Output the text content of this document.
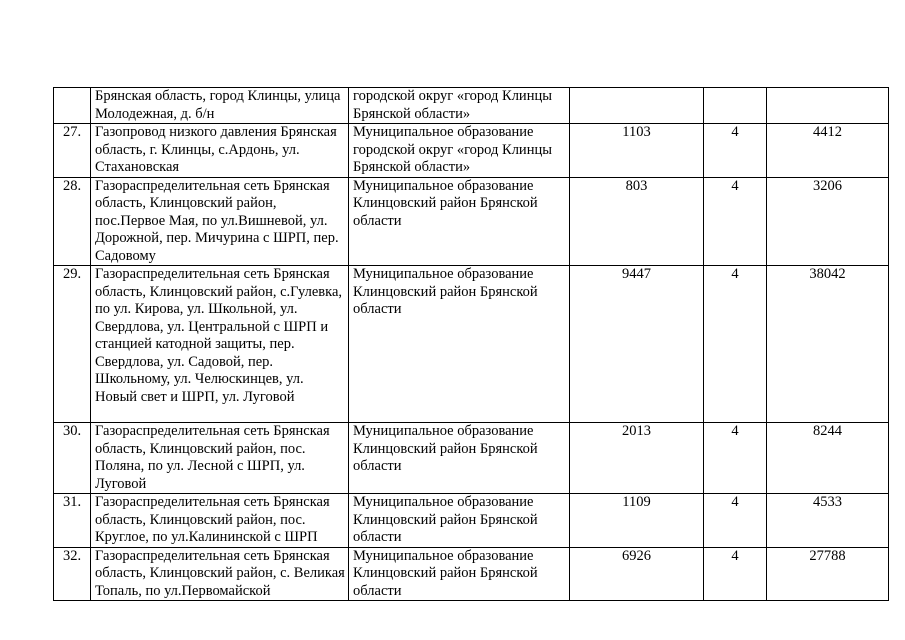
	Брянская область, город Клинцы, улица Молодежная, д. б/н	городской округ «город Клинцы Брянской области»			
27.	Газопровод низкого давления Брянская область, г. Клинцы, с.Ардонь, ул. Стахановская	Муниципальное образование городской округ «город Клинцы Брянской области»	1103	4	4412
28.	Газораспределительная сеть Брянская область, Клинцовский район, пос.Первое Мая, по ул.Вишневой, ул. Дорожной, пер. Мичурина с ШРП, пер. Садовому	Муниципальное образование Клинцовский район Брянской области	803	4	3206
29.	Газораспределительная сеть Брянская область, Клинцовский район, с.Гулевка, по ул. Кирова, ул. Школьной, ул. Свердлова, ул. Центральной с ШРП и станцией катодной защиты, пер. Свердлова, ул. Садовой, пер. Школьному, ул. Челюскинцев, ул. Новый свет и ШРП, ул. Луговой	Муниципальное образование Клинцовский район Брянской области	9447	4	38042
30.	Газораспределительная сеть Брянская область, Клинцовский район, пос. Поляна, по ул. Лесной с ШРП, ул. Луговой	Муниципальное образование Клинцовский район Брянской области	2013	4	8244
31.	Газораспределительная сеть Брянская область, Клинцовский район, пос. Круглое, по ул.Калининской с ШРП	Муниципальное образование Клинцовский район Брянской области	1109	4	4533
32.	Газораспределительная сеть Брянская область, Клинцовский район, с. Великая Топаль, по ул.Первомайской	Муниципальное образование Клинцовский район Брянской области	6926	4	27788
